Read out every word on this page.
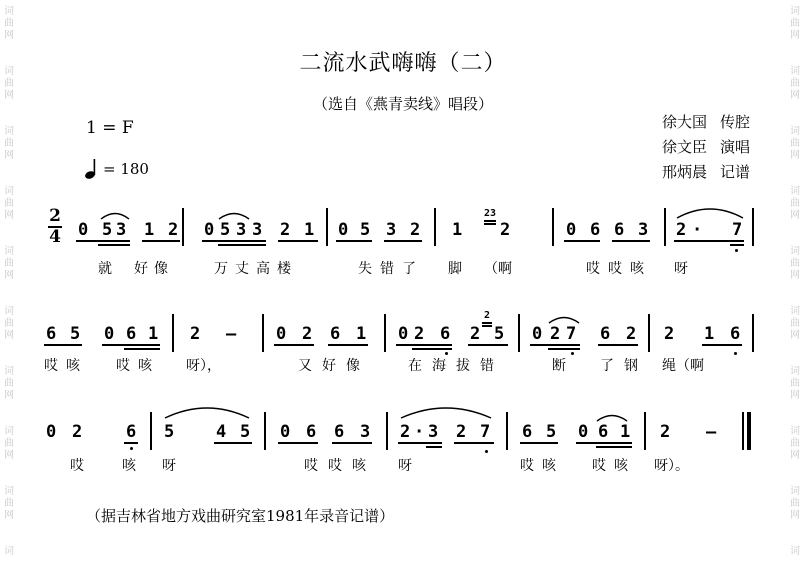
词
曲
网
词
曲
网
词
曲
网
词
曲
网
词
曲
网
词
曲
网
词
曲
网
词
曲
网
词
曲
网
词
词
曲
网
词
曲
网
词
曲
网
词
曲
网
词
曲
网
词
曲
网
词
曲
网
词
曲
网
词
曲
网
词
二流水武嗨嗨（二）
（选自《燕青卖线》唱段）
1 = F
= 180
徐大国 传腔
徐文臣 演唱
邢炳晨 记谱
2
4 0 5 3 1 2 0 5 3 3 2 1 0 5 3 2 1
23
2	0 6 6 3 2 · 7
就 好像	万丈高楼	失错了 脚 （啊	哎哎咳 呀
6 5 0 6 1 2 – 0 2 6 1 0 2 6 2
2
5 0 2 7 6 2 2 1 6
哎咳 哎咳 呀），	又好像	在海拔错	断 了钢 绳（啊
0 2	6 5 4 5 0 6 6 3 2 · 3 2 7 6 5 0 6 1 2 –
哎	咳 呀	哎哎咳 呀	哎咳 哎咳 呀）。
（据吉林省地方戏曲研究室1981年录音记谱）
